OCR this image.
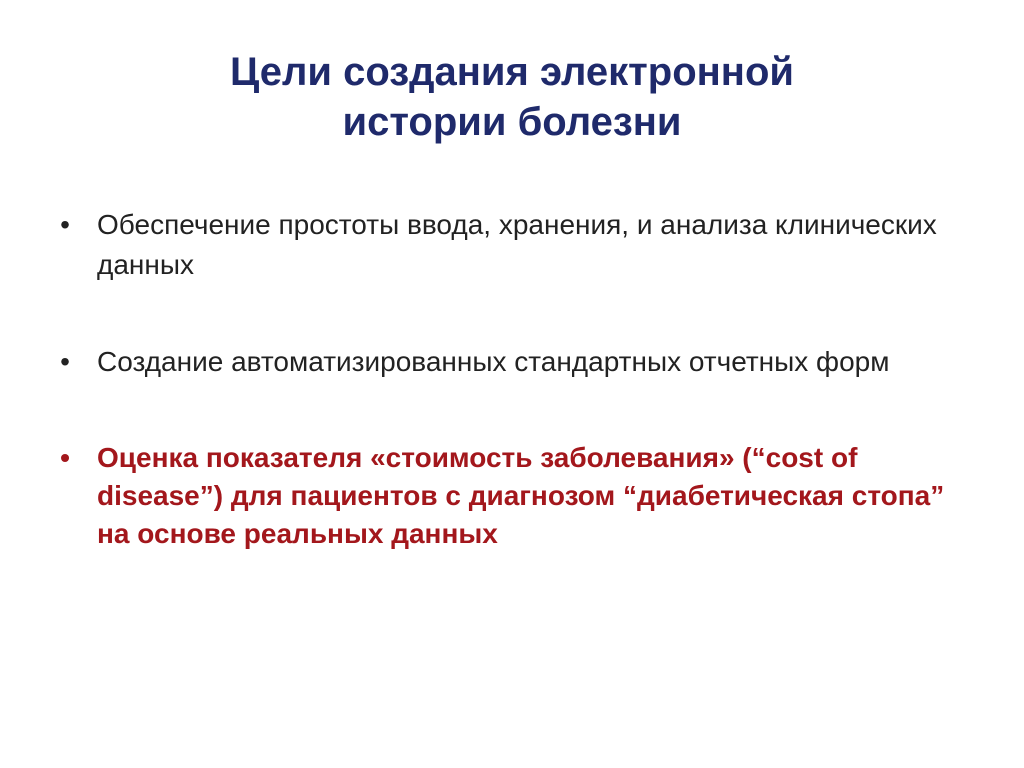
Цели создания электронной
истории болезни
• Обеспечение простоты ввода, хранения, и анализа клинических данных
• Создание автоматизированных стандартных отчетных форм
• Оценка показателя «стоимость заболевания» (“cost of disease”) для пациентов с диагнозом “диабетическая стопа” на основе реальных данных
